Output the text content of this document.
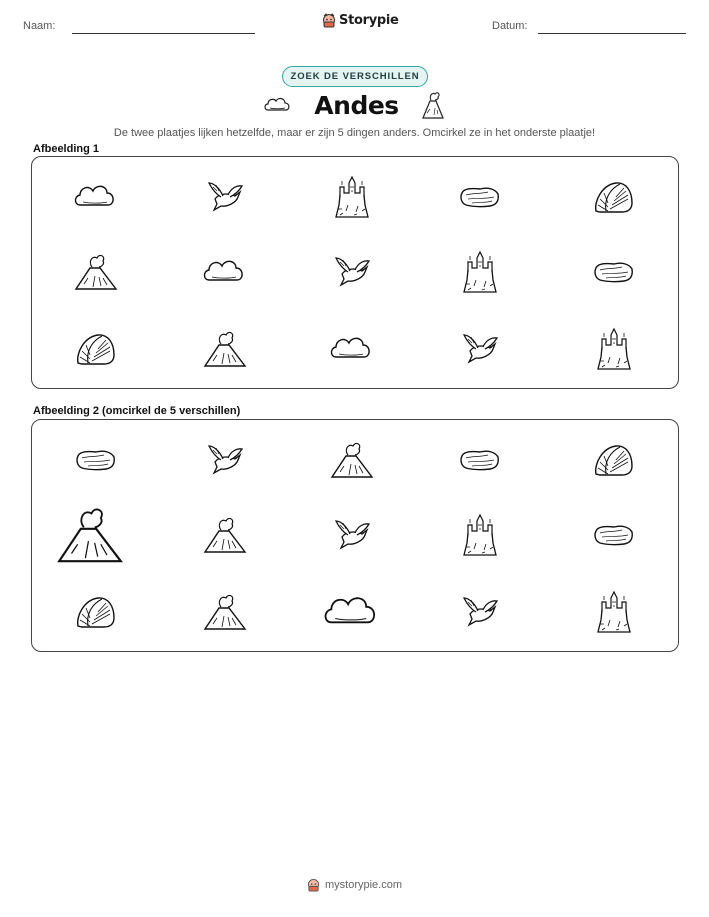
Naam:	Storypie	Datum:
ZOEK DE VERSCHILLEN
Andes
De twee plaatjes lijken hetzelfde, maar er zijn 5 dingen anders. Omcirkel ze in het onderste plaatje!
Afbeelding 1
Afbeelding 2 (omcirkel de 5 verschillen)
mystorypie.com
